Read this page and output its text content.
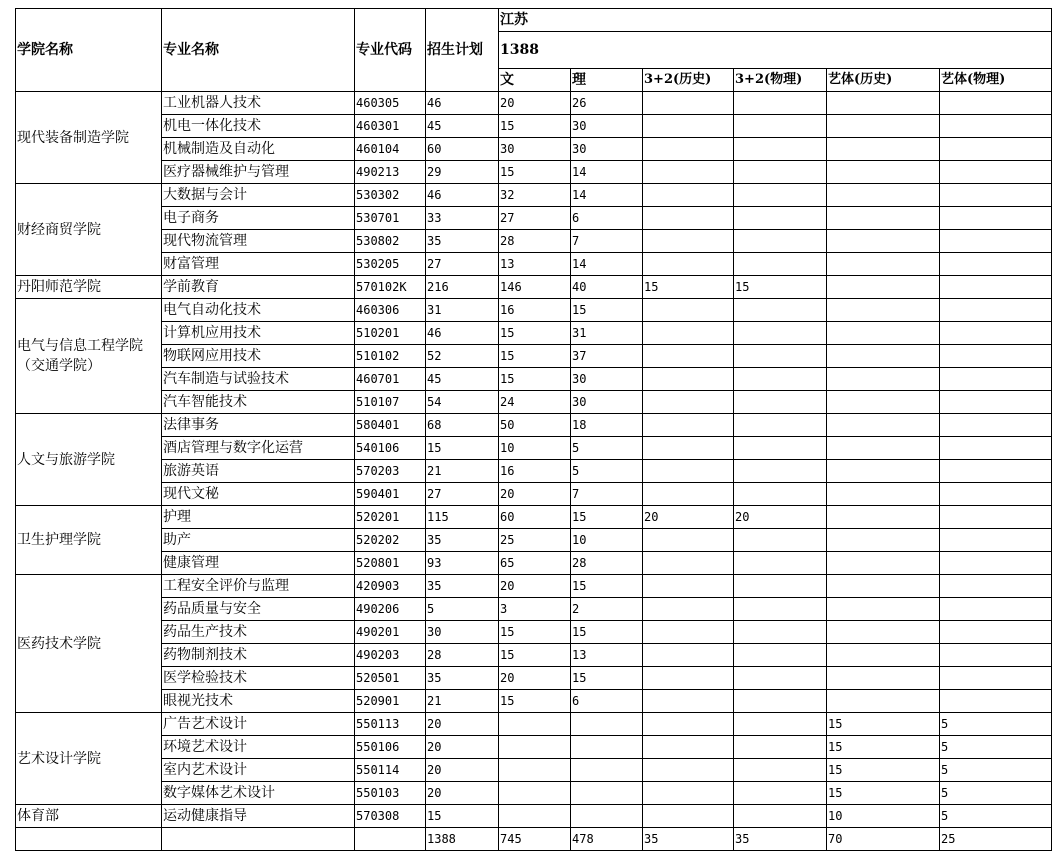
学院名称	专业名称	专业代码	招生计划	江苏					
				1388					
				文	理	3+2(历史)	3+2(物理)	艺体(历史)	艺体(物理)
现代装备制造学院	工业机器人技术	460305	46	20	26				
	机电一体化技术	460301	45	15	30				
	机械制造及自动化	460104	60	30	30				
	医疗器械维护与管理	490213	29	15	14				
财经商贸学院	大数据与会计	530302	46	32	14				
	电子商务	530701	33	27	6				
	现代物流管理	530802	35	28	7				
	财富管理	530205	27	13	14				
丹阳师范学院	学前教育	570102K	216	146	40	15	15		
电气与信息工程学院（交通学院）	电气自动化技术	460306	31	16	15				
	计算机应用技术	510201	46	15	31				
	物联网应用技术	510102	52	15	37				
	汽车制造与试验技术	460701	45	15	30				
	汽车智能技术	510107	54	24	30				
人文与旅游学院	法律事务	580401	68	50	18				
	酒店管理与数字化运营	540106	15	10	5				
	旅游英语	570203	21	16	5				
	现代文秘	590401	27	20	7				
卫生护理学院	护理	520201	115	60	15	20	20		
	助产	520202	35	25	10				
	健康管理	520801	93	65	28				
医药技术学院	工程安全评价与监理	420903	35	20	15				
	药品质量与安全	490206	5	3	2				
	药品生产技术	490201	30	15	15				
	药物制剂技术	490203	28	15	13				
	医学检验技术	520501	35	20	15				
	眼视光技术	520901	21	15	6				
艺术设计学院	广告艺术设计	550113	20					15	5
	环境艺术设计	550106	20					15	5
	室内艺术设计	550114	20					15	5
	数字媒体艺术设计	550103	20					15	5
体育部	运动健康指导	570308	15					10	5
			1388	745	478	35	35	70	25
